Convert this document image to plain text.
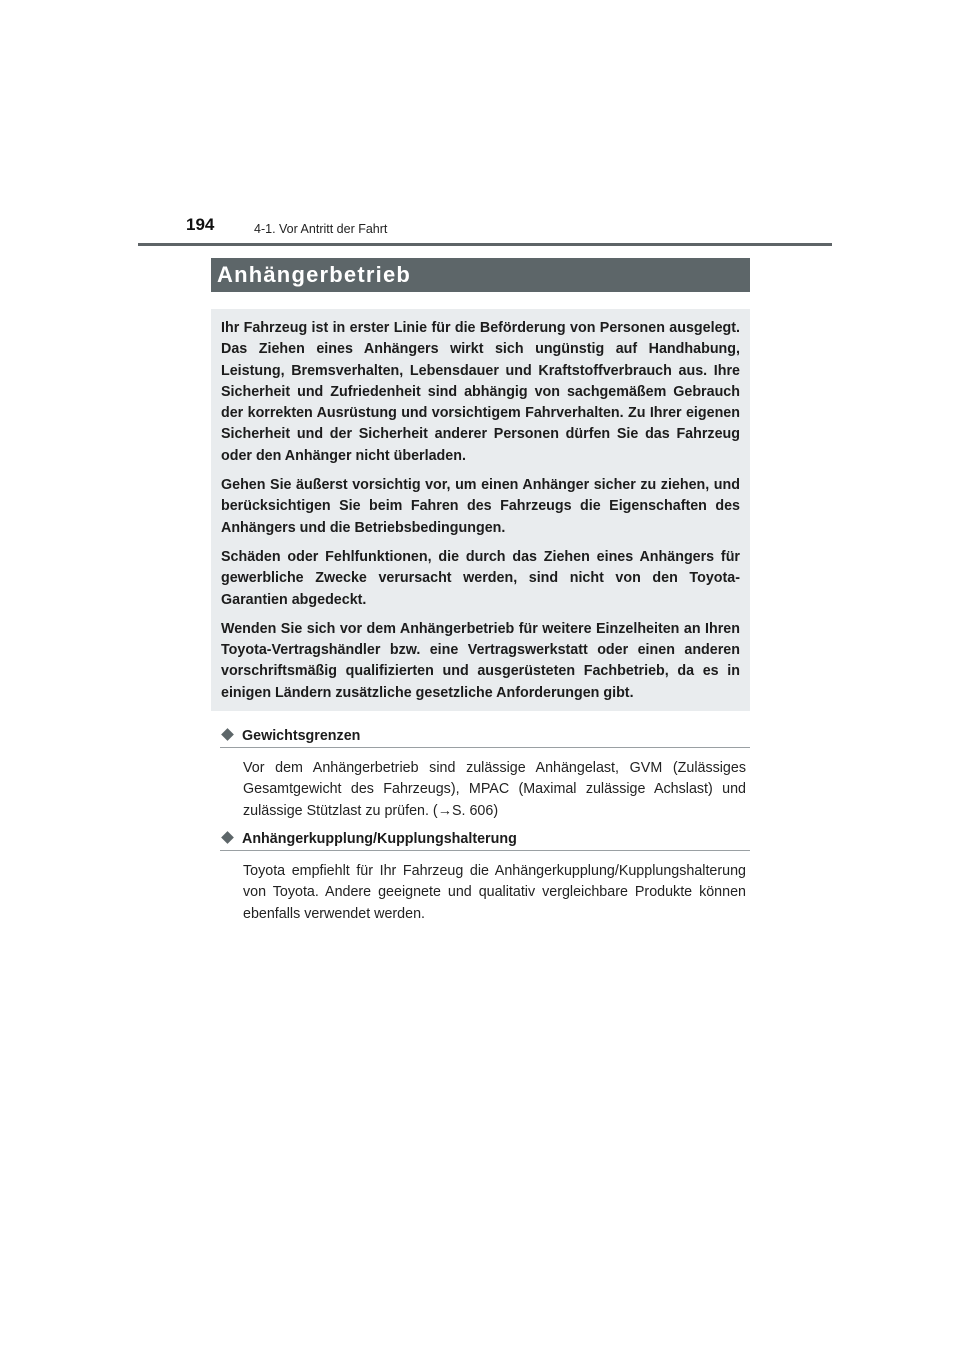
194	4-1. Vor Antritt der Fahrt
Anhängerbetrieb

Ihr Fahrzeug ist in erster Linie für die Beförderung von Personen ausgelegt. Das Ziehen eines Anhängers wirkt sich ungünstig auf Handhabung, Leistung, Bremsverhalten, Lebensdauer und Kraftstoffverbrauch aus. Ihre Sicherheit und Zufriedenheit sind abhängig von sachgemäßem Gebrauch der korrekten Ausrüstung und vorsichtigem Fahrverhalten. Zu Ihrer eigenen Sicherheit und der Sicherheit anderer Personen dürfen Sie das Fahrzeug oder den Anhänger nicht überladen.

Gehen Sie äußerst vorsichtig vor, um einen Anhänger sicher zu ziehen, und berücksichtigen Sie beim Fahren des Fahrzeugs die Eigenschaften des Anhängers und die Betriebsbedingungen.

Schäden oder Fehlfunktionen, die durch das Ziehen eines Anhängers für gewerbliche Zwecke verursacht werden, sind nicht von den Toyota-Garantien abgedeckt.

Wenden Sie sich vor dem Anhängerbetrieb für weitere Einzelheiten an Ihren Toyota-Vertragshändler bzw. eine Vertragswerkstatt oder einen anderen vorschriftsmäßig qualifizierten und ausgerüsteten Fachbetrieb, da es in einigen Ländern zusätzliche gesetzliche Anforderungen gibt.

Gewichtsgrenzen

Vor dem Anhängerbetrieb sind zulässige Anhängelast, GVM (Zulässiges Gesamtgewicht des Fahrzeugs), MPAC (Maximal zulässige Achslast) und zulässige Stützlast zu prüfen. (→S. 606)

Anhängerkupplung/Kupplungshalterung

Toyota empfiehlt für Ihr Fahrzeug die Anhängerkupplung/Kupplungshalterung von Toyota. Andere geeignete und qualitativ vergleichbare Produkte können ebenfalls verwendet werden.
